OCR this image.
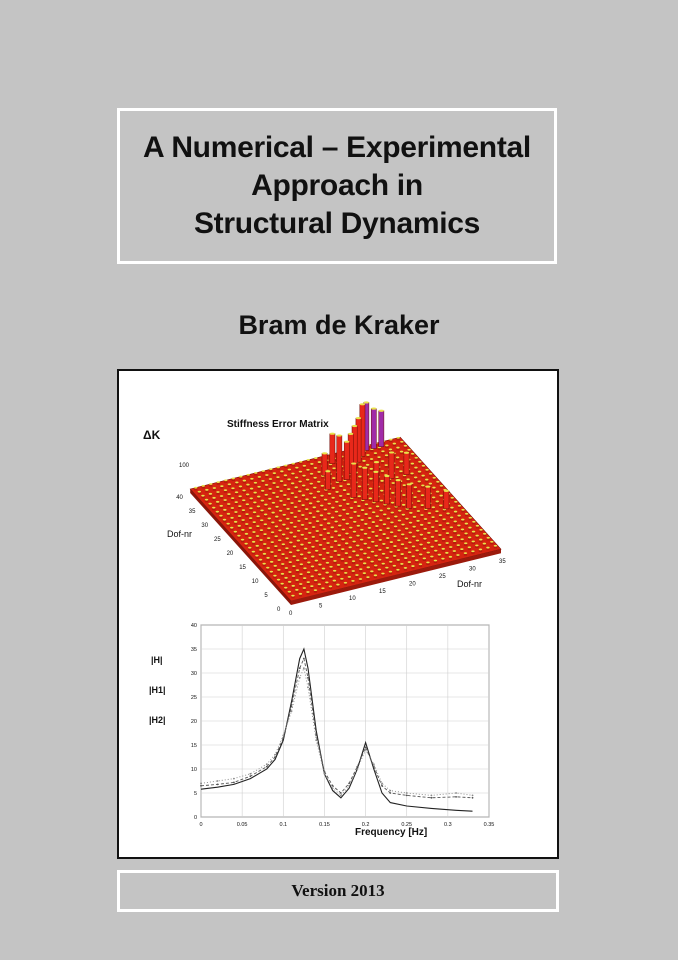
A Numerical – Experimental
Approach in
Structural Dynamics
Bram de Kraker
Stiffness Error Matrix
ΔK
100
Dof-nr
Dof-nr
0
5
10
15
20
25
30
35
40
0
5
10
15
20
25
30
35
0
5
10
15
20
25
30
35
40
0	0.05	0.1	0.15	0.2	0.25	0.3	0.35
|H|
|H1|
|H2|
Frequency [Hz]
Version 2013
